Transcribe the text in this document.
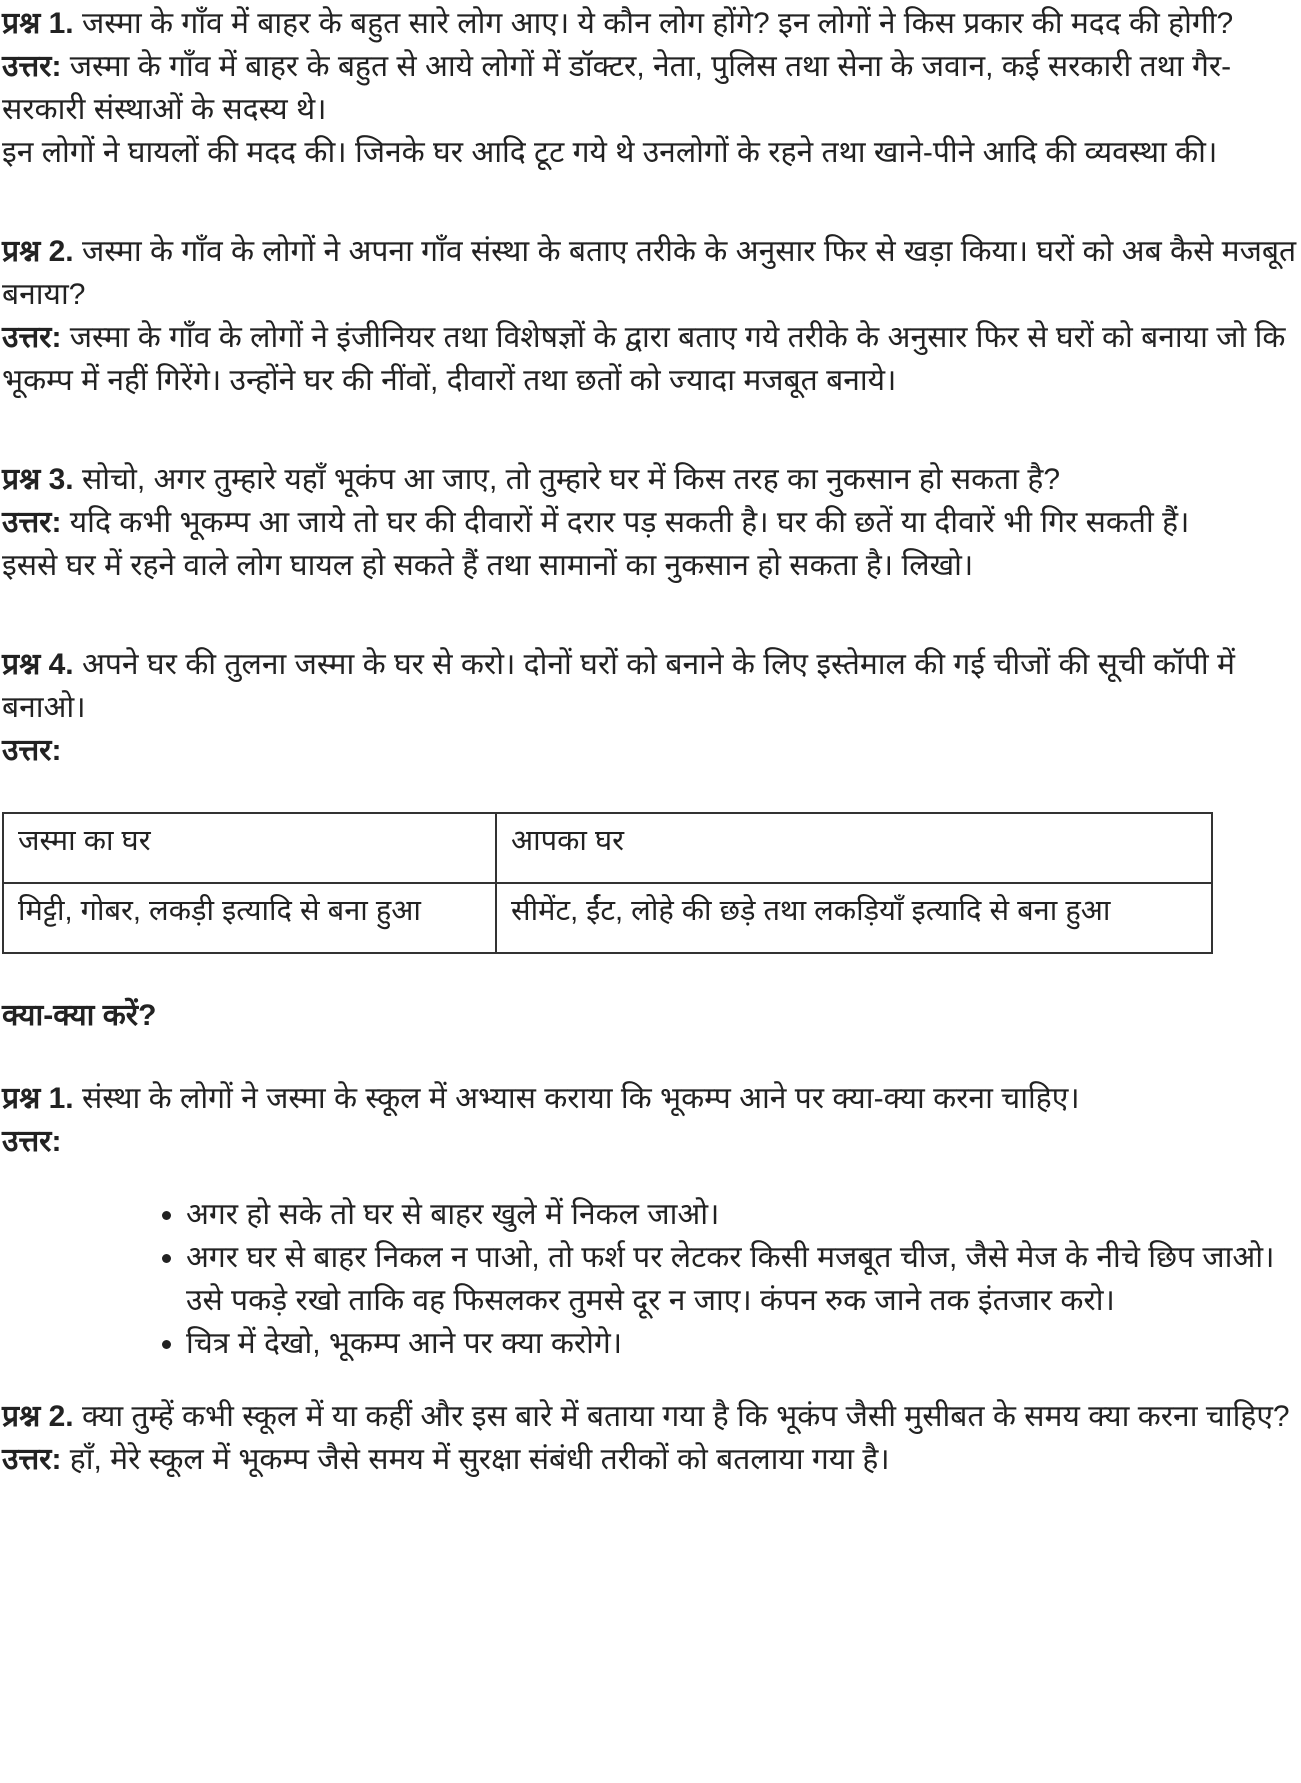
प्रश्न 1. जस्मा के गाँव में बाहर के बहुत सारे लोग आए। ये कौन लोग होंगे? इन लोगों ने किस प्रकार की मदद की होगी?

उत्तर: जस्मा के गाँव में बाहर के बहुत से आये लोगों में डॉक्टर, नेता, पुलिस तथा सेना के जवान, कई सरकारी तथा गैर-सरकारी संस्थाओं के सदस्य थे।

इन लोगों ने घायलों की मदद की। जिनके घर आदि टूट गये थे उनलोगों के रहने तथा खाने-पीने आदि की व्यवस्था की।

प्रश्न 2. जस्मा के गाँव के लोगों ने अपना गाँव संस्था के बताए तरीके के अनुसार फिर से खड़ा किया। घरों को अब कैसे मजबूत बनाया?

उत्तर: जस्मा के गाँव के लोगों ने इंजीनियर तथा विशेषज्ञों के द्वारा बताए गये तरीके के अनुसार फिर से घरों को बनाया जो कि भूकम्प में नहीं गिरेंगे। उन्होंने घर की नींवों, दीवारों तथा छतों को ज्यादा मजबूत बनाये।

प्रश्न 3. सोचो, अगर तुम्हारे यहाँ भूकंप आ जाए, तो तुम्हारे घर में किस तरह का नुकसान हो सकता है?

उत्तर: यदि कभी भूकम्प आ जाये तो घर की दीवारों में दरार पड़ सकती है। घर की छतें या दीवारें भी गिर सकती हैं।

इससे घर में रहने वाले लोग घायल हो सकते हैं तथा सामानों का नुकसान हो सकता है। लिखो।

प्रश्न 4. अपने घर की तुलना जस्मा के घर से करो। दोनों घरों को बनाने के लिए इस्तेमाल की गई चीजों की सूची कॉपी में बनाओ।

उत्तर:

जस्मा का घर	आपका घर
मिट्टी, गोबर, लकड़ी इत्यादि से बना हुआ	सीमेंट, ईंट, लोहे की छड़े तथा लकड़ियाँ इत्यादि से बना हुआ
क्या-क्या करें?

प्रश्न 1. संस्था के लोगों ने जस्मा के स्कूल में अभ्यास कराया कि भूकम्प आने पर क्या-क्या करना चाहिए।

उत्तर:

• अगर हो सके तो घर से बाहर खुले में निकल जाओ।
• अगर घर से बाहर निकल न पाओ, तो फर्श पर लेटकर किसी मजबूत चीज, जैसे मेज के नीचे छिप जाओ। उसे पकड़े रखो ताकि वह फिसलकर तुमसे दूर न जाए। कंपन रुक जाने तक इंतजार करो।
• चित्र में देखो, भूकम्प आने पर क्या करोगे।

प्रश्न 2. क्या तुम्हें कभी स्कूल में या कहीं और इस बारे में बताया गया है कि भूकंप जैसी मुसीबत के समय क्या करना चाहिए?

उत्तर: हाँ, मेरे स्कूल में भूकम्प जैसे समय में सुरक्षा संबंधी तरीकों को बतलाया गया है।
